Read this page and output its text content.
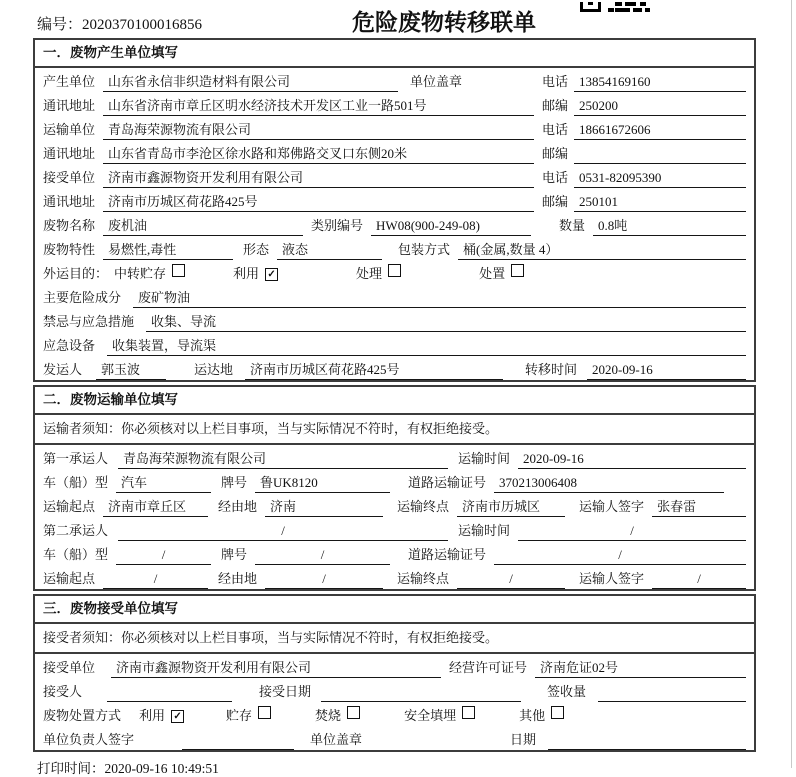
编号：2020370100016856	危险废物转移联单
一．废物产生单位填写
产生单位	山东省永信非织造材料有限公司	单位盖章	电话 13854169160
通讯地址	山东省济南市章丘区明水经济技术开发区工业一路501号	邮编 250200
运输单位	青岛海荣源物流有限公司	电话 18661672606
通讯地址	山东省青岛市李沧区徐水路和郑佛路交叉口东侧20米	邮编
接受单位	济南市鑫源物资开发利用有限公司	电话 0531-82095390
通讯地址	济南市历城区荷花路425号	邮编 250101
废物名称	废机油	类别编号	HW08(900-249-08)	数量	0.8吨
废物特性	易燃性,毒性	形态	液态	包装方式	桶(金属,数量 4）
外运目的： 中转贮存	利用 ✓	处理	处置
主要危险成分	废矿物油
禁忌与应急措施	收集、导流
应急设备	收集装置，导流渠
发运人	郭玉波	运达地	济南市历城区荷花路425号	转移时间	2020-09-16
二．废物运输单位填写
运输者须知：你必须核对以上栏目事项，当与实际情况不符时，有权拒绝接受。
第一承运人	青岛海荣源物流有限公司	运输时间	2020-09-16
车（船）型	汽车	牌号	鲁UK8120	道路运输证号	370213006408
运输起点	济南市章丘区	经由地	济南	运输终点	济南市历城区	运输人签字	张春雷
第二承运人	/	运输时间	/
车（船）型	/	牌号	/	道路运输证号	/
运输起点	/	经由地	/	运输终点	/	运输人签字	/
三．废物接受单位填写
接受者须知：你必须核对以上栏目事项，当与实际情况不符时，有权拒绝接受。
接受单位	济南市鑫源物资开发利用有限公司	经营许可证号	济南危证02号
接受人	接受日期	签收量
废物处置方式 利用 ✓	贮存	焚烧	安全填埋	其他
单位负责人签字	单位盖章	日期
打印时间：2020-09-16 10:49:51
